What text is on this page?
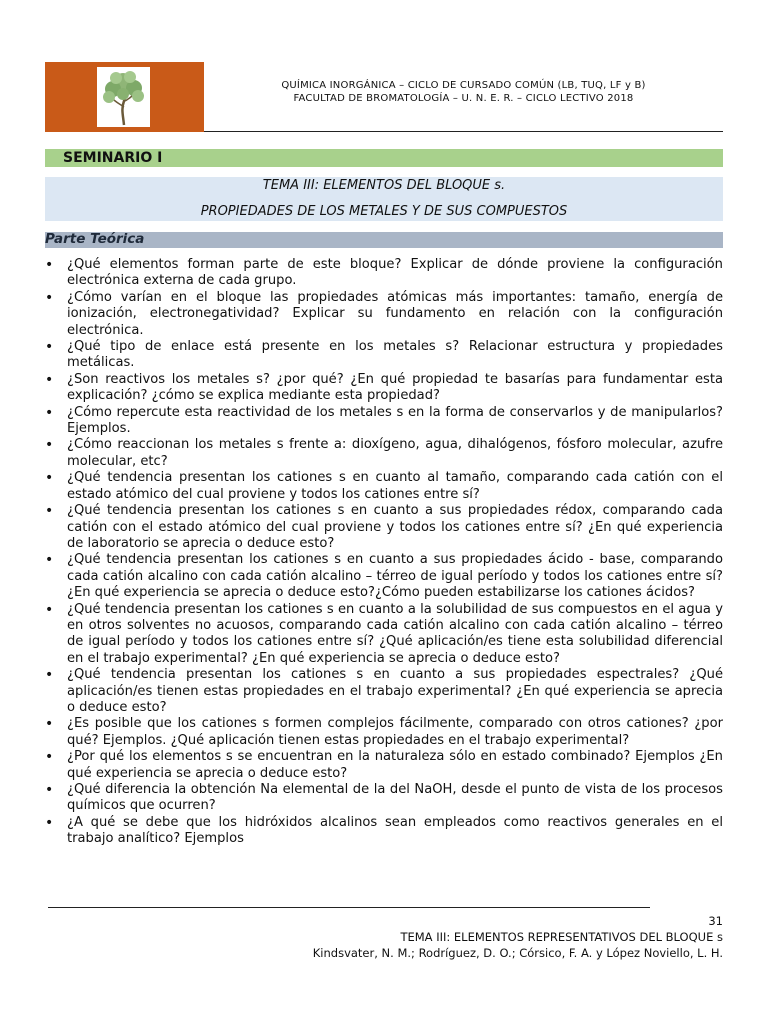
QUÍMICA INORGÁNICA – CICLO DE CURSADO COMÚN (LB, TUQ, LF y B)
FACULTAD DE BROMATOLOGÍA – U. N. E. R. – CICLO LECTIVO 2018
SEMINARIO I
TEMA III: ELEMENTOS DEL BLOQUE s.
PROPIEDADES DE LOS METALES Y DE SUS COMPUESTOS
Parte Teórica
• ¿Qué elementos forman parte de este bloque? Explicar de dónde proviene la configuración electrónica externa de cada grupo.
• ¿Cómo varían en el bloque las propiedades atómicas más importantes: tamaño, energía de ionización, electronegatividad? Explicar su fundamento en relación con la configuración electrónica.
• ¿Qué tipo de enlace está presente en los metales s? Relacionar estructura y propiedades metálicas.
• ¿Son reactivos los metales s? ¿por qué? ¿En qué propiedad te basarías para fundamentar esta explicación? ¿cómo se explica mediante esta propiedad?
• ¿Cómo repercute esta reactividad de los metales s en la forma de conservarlos y de manipularlos? Ejemplos.
• ¿Cómo reaccionan los metales s frente a: dioxígeno, agua, dihalógenos, fósforo molecular, azufre molecular, etc?
• ¿Qué tendencia presentan los cationes s en cuanto al tamaño, comparando cada catión con el estado atómico del cual proviene y todos los cationes entre sí?
• ¿Qué tendencia presentan los cationes s en cuanto a sus propiedades rédox, comparando cada catión con el estado atómico del cual proviene y todos los cationes entre sí? ¿En qué experiencia de laboratorio se aprecia o deduce esto?
• ¿Qué tendencia presentan los cationes s en cuanto a sus propiedades ácido - base, comparando cada catión alcalino con cada catión alcalino – térreo de igual período y todos los cationes entre sí? ¿En qué experiencia se aprecia o deduce esto?¿Cómo pueden estabilizarse los cationes ácidos?
• ¿Qué tendencia presentan los cationes s en cuanto a la solubilidad de sus compuestos en el agua y en otros solventes no acuosos, comparando cada catión alcalino con cada catión alcalino – térreo de igual período y todos los cationes entre sí? ¿Qué aplicación/es tiene esta solubilidad diferencial en el trabajo experimental? ¿En qué experiencia se aprecia o deduce esto?
• ¿Qué tendencia presentan los cationes s en cuanto a sus propiedades espectrales? ¿Qué aplicación/es tienen estas propiedades en el trabajo experimental? ¿En qué experiencia se aprecia o deduce esto?
• ¿Es posible que los cationes s formen complejos fácilmente, comparado con otros cationes? ¿por qué? Ejemplos. ¿Qué aplicación tienen estas propiedades en el trabajo experimental?
• ¿Por qué los elementos s se encuentran en la naturaleza sólo en estado combinado? Ejemplos ¿En qué experiencia se aprecia o deduce esto?
• ¿Qué diferencia la obtención Na elemental de la del NaOH, desde el punto de vista de los procesos químicos que ocurren?
• ¿A qué se debe que los hidróxidos alcalinos sean empleados como reactivos generales en el trabajo analítico? Ejemplos
31
TEMA III: ELEMENTOS REPRESENTATIVOS DEL BLOQUE s
Kindsvater, N. M.; Rodríguez, D. O.; Córsico, F. A. y López Noviello, L. H.
